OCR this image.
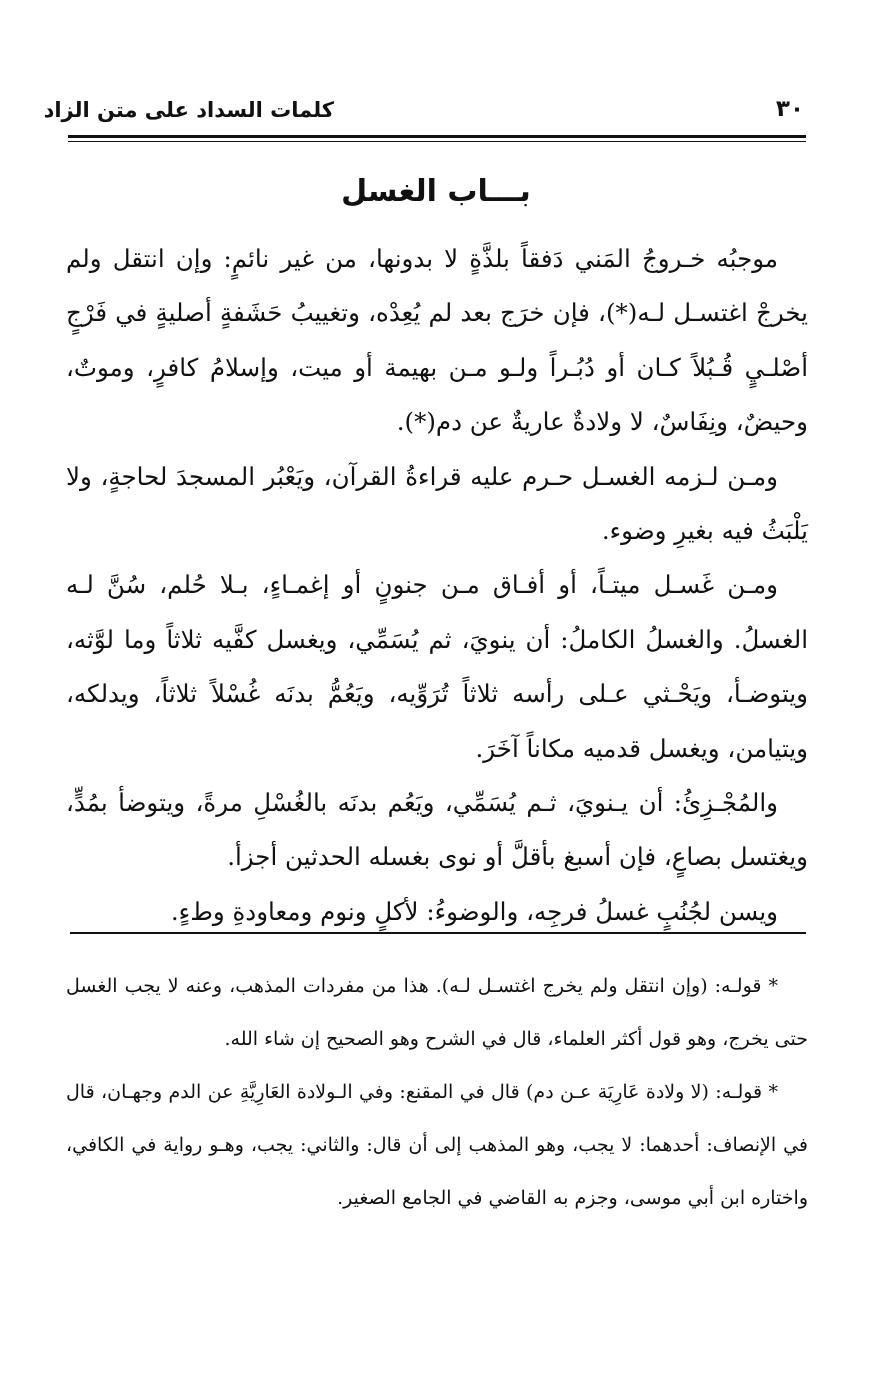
كلمات السداد على متن الزاد	٣٠
بـــاب الغسل

موجبُه خـروجُ المَني دَفقاً بلذَّةٍ لا بدونها، من غير نائمٍ: وإن انتقل ولم يخرجْ اغتسـل لـه(*)، فإن خرَج بعد لم يُعِدْه، وتغييبُ حَشَفةٍ أصليةٍ في فَرْجٍ أصْلـيٍ قُـبُلاً كـان أو دُبُـراً ولـو مـن بهيمة أو ميت، وإسلامُ كافرٍ، وموتٌ، وحيضٌ، ونِفَاسٌ، لا ولادةٌ عاريةٌ عن دم(*).

ومـن لـزمه الغسـل حـرم عليه قراءةُ القرآن، ويَعْبُر المسجدَ لحاجةٍ، ولا يَلْبَثُ فيه بغيرِ وضوء.

ومـن غَسـل ميتـاً، أو أفـاق مـن جنونٍ أو إغمـاءٍ، بـلا حُلم، سُنَّ لـه الغسلُ. والغسلُ الكاملُ: أن ينويَ، ثم يُسَمِّي، ويغسل كفَّيه ثلاثاً وما لوَّثه، ويتوضـأ، ويَحْـثي عـلى رأسه ثلاثاً تُرَوِّيه، ويَعُمُّ بدنَه غُسْلاً ثلاثاً، ويدلكه، ويتيامن، ويغسل قدميه مكاناً آخَرَ.

والمُجْـزِئُ: أن يـنويَ، ثـم يُسَمِّي، ويَعُم بدنَه بالغُسْلِ مرةً، ويتوضأ بمُدٍّ، ويغتسل بصاعٍ، فإن أسبغ بأقلَّ أو نوى بغسله الحدثين أجزأ.

ويسن لجُنُبٍ غسلُ فرجِه، والوضوءُ: لأكلٍ ونوم ومعاودةِ وطءٍ.

* قولـه: (وإن انتقل ولم يخرج اغتسـل لـه). هذا من مفردات المذهب، وعنه لا يجب الغسل حتى يخرج، وهو قول أكثر العلماء، قال في الشرح وهو الصحيح إن شاء الله.

* قولـه: (لا ولادة عَارِيَة عـن دم) قال في المقنع: وفي الـولادة العَارِيَّةِ عن الدم وجهـان، قال في الإنصاف: أحدهما: لا يجب، وهو المذهب إلى أن قال: والثاني: يجب، وهـو رواية في الكافي، واختاره ابن أبي موسى، وجزم به القاضي في الجامع الصغير.
